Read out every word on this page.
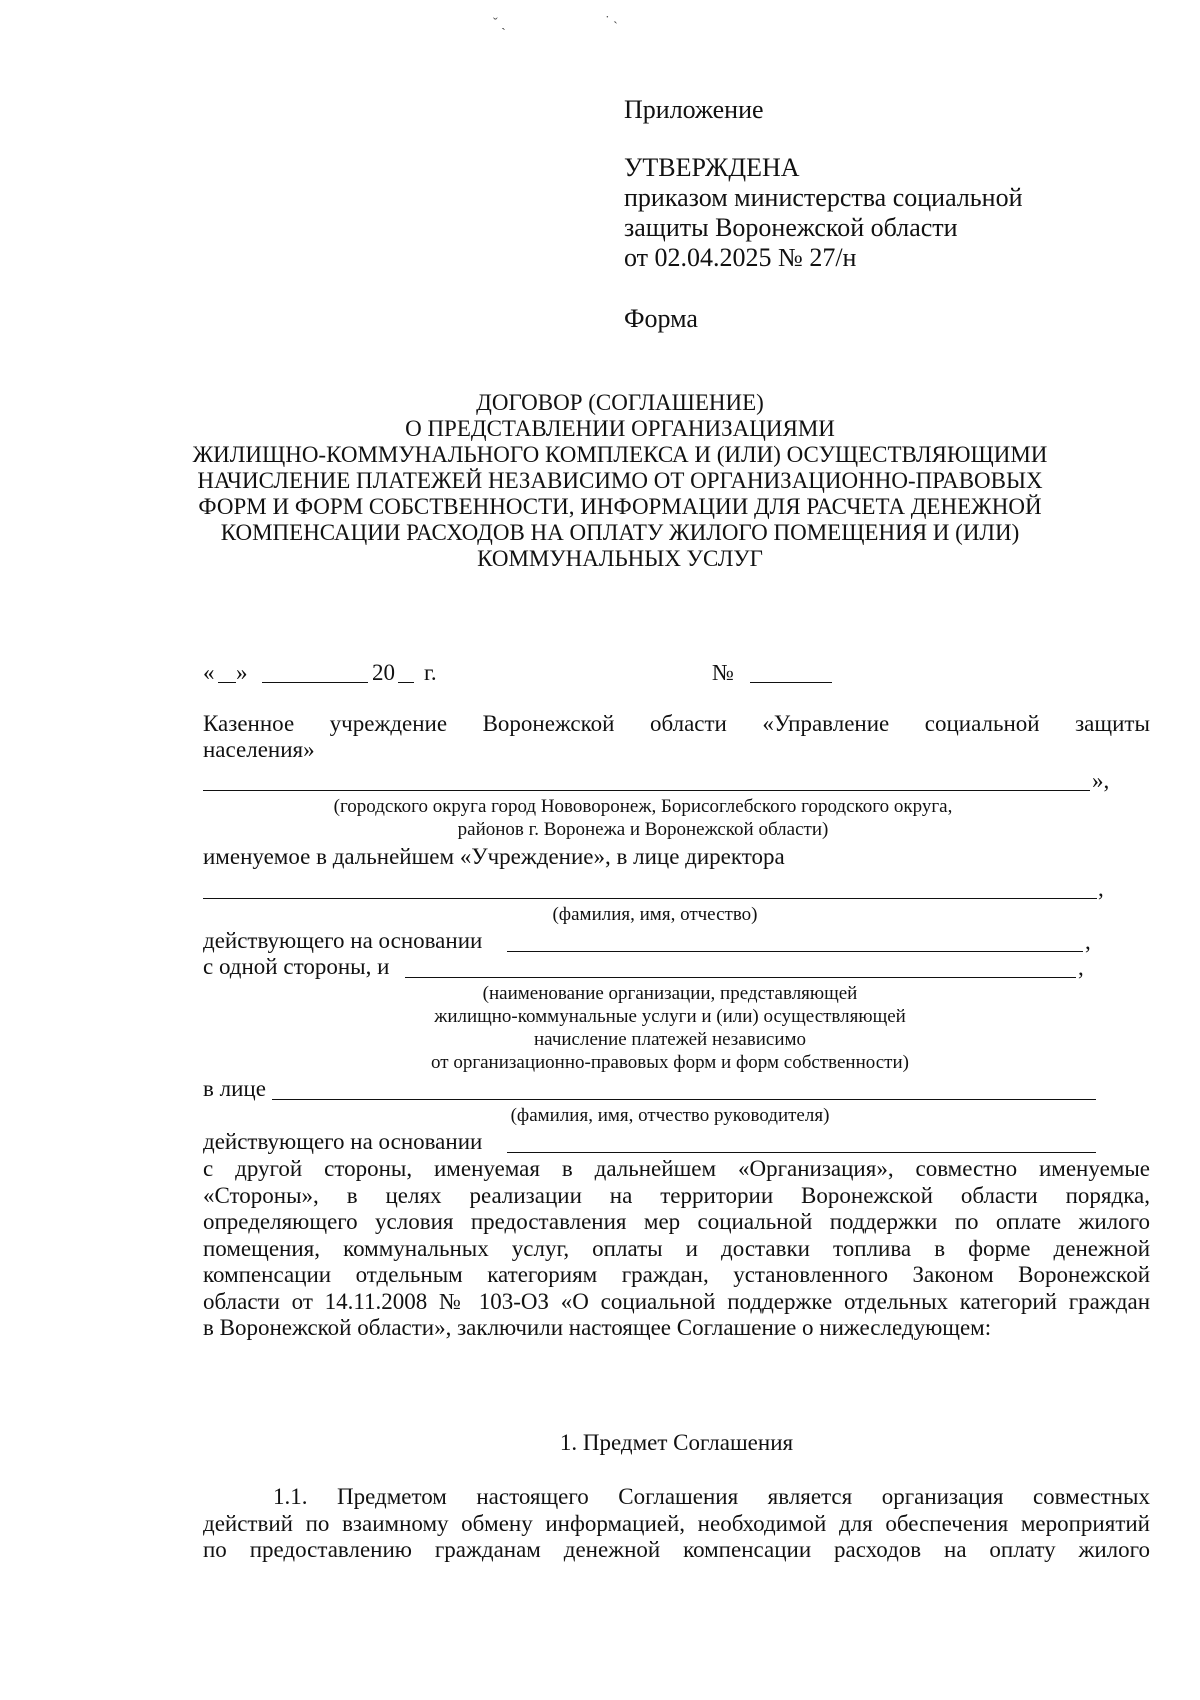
ˇ ˏ	˙ ˴
Приложение
УТВЕРЖДЕНА
приказом министерства социальной
защиты Воронежской области
от 02.04.2025 № 27/н
Форма
ДОГОВОР (СОГЛАШЕНИЕ)
О ПРЕДСТАВЛЕНИИ ОРГАНИЗАЦИЯМИ
ЖИЛИЩНО-КОММУНАЛЬНОГО КОМПЛЕКСА И (ИЛИ) ОСУЩЕСТВЛЯЮЩИМИ
НАЧИСЛЕНИЕ ПЛАТЕЖЕЙ НЕЗАВИСИМО ОТ ОРГАНИЗАЦИОННО-ПРАВОВЫХ
ФОРМ И ФОРМ СОБСТВЕННОСТИ, ИНФОРМАЦИИ ДЛЯ РАСЧЕТА ДЕНЕЖНОЙ
КОМПЕНСАЦИИ РАСХОДОВ НА ОПЛАТУ ЖИЛОГО ПОМЕЩЕНИЯ И (ИЛИ)
КОММУНАЛЬНЫХ УСЛУГ
« »	20 г.	№
Казенное учреждение Воронежской области «Управление социальной защиты
населения»
»,
(городского округа город Нововоронеж, Борисоглебского городского округа,
районов г. Воронежа и Воронежской области)
именуемое в дальнейшем «Учреждение», в лице директора
,
(фамилия, имя, отчество)
действующего на основании	,
с одной стороны, и	,
(наименование организации, представляющей
жилищно-коммунальные услуги и (или) осуществляющей
начисление платежей независимо
от организационно-правовых форм и форм собственности)
в лице
(фамилия, имя, отчество руководителя)
действующего на основании

с другой стороны, именуемая в дальнейшем «Организация», совместно именуемые

«Стороны», в целях реализации на территории Воронежской области порядка,

определяющего условия предоставления мер социальной поддержки по оплате жилого

помещения, коммунальных услуг, оплаты и доставки топлива в форме денежной

компенсации отдельным категориям граждан, установленного Законом Воронежской

области от 14.11.2008 № 103-ОЗ «О социальной поддержке отдельных категорий граждан

в Воронежской области», заключили настоящее Соглашение о нижеследующем:

1. Предмет Соглашения

1.1. Предметом настоящего Соглашения является организация совместных

действий по взаимному обмену информацией, необходимой для обеспечения мероприятий

по предоставлению гражданам денежной компенсации расходов на оплату жилого
